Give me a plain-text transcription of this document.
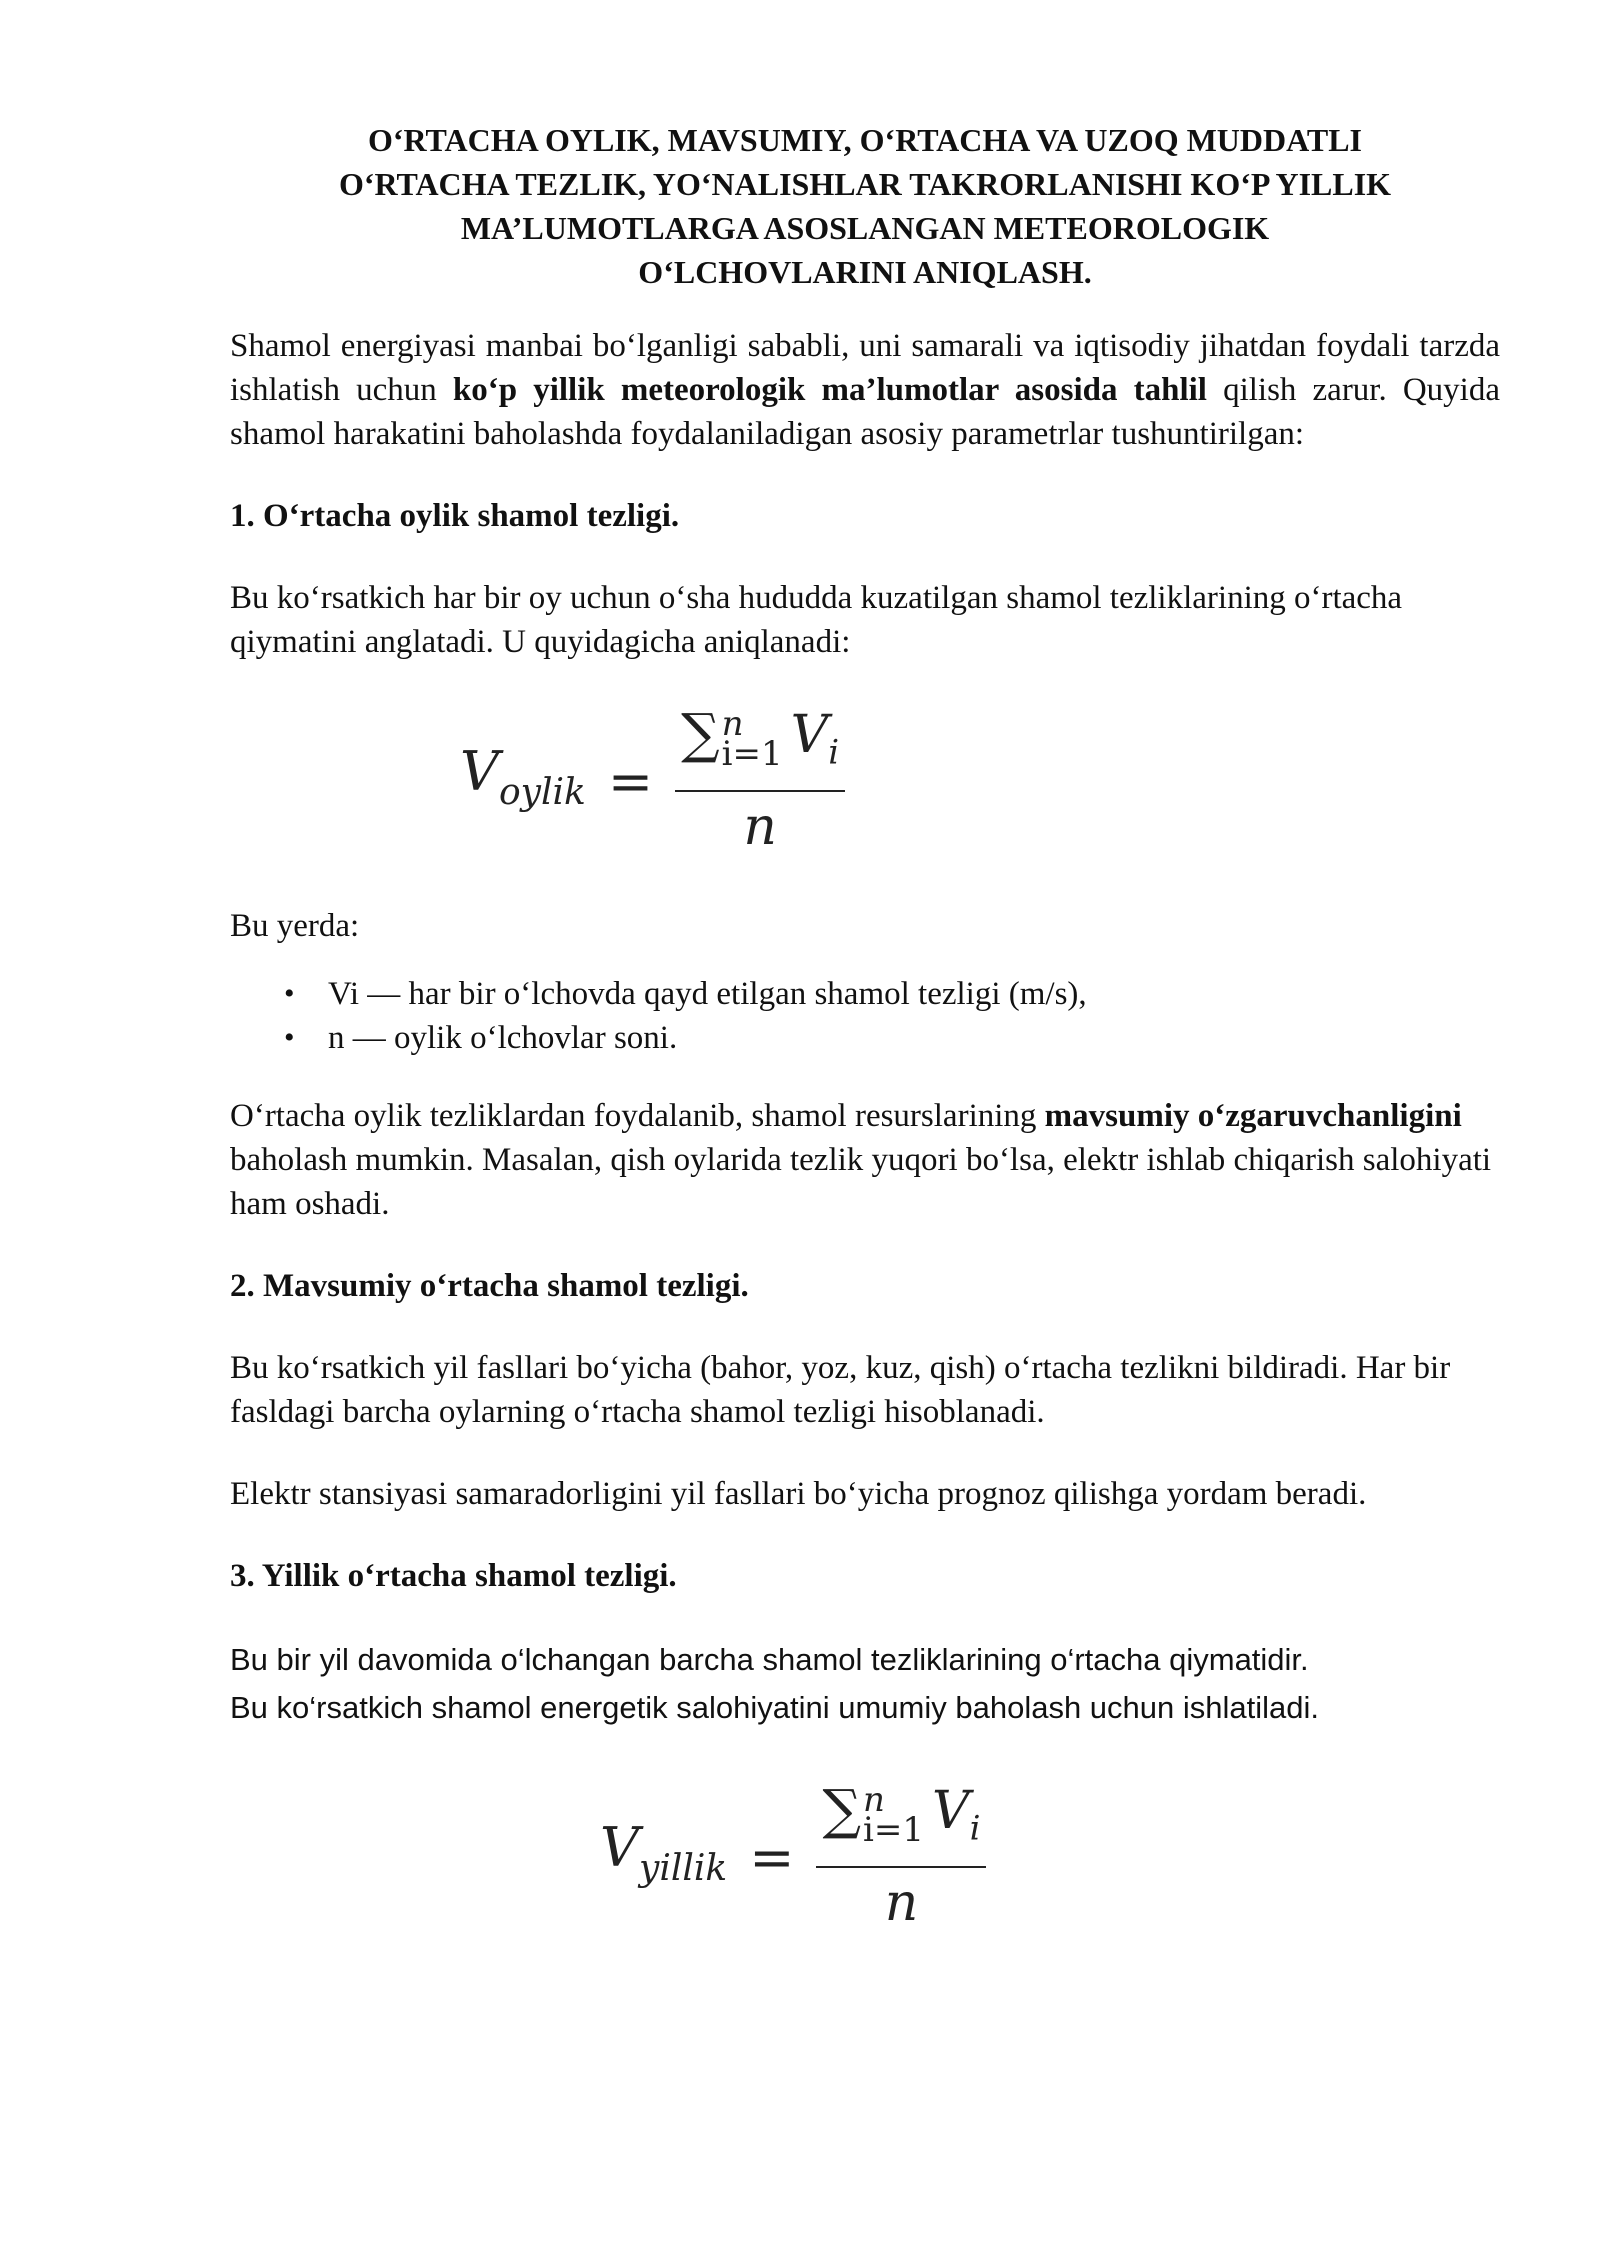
O‘RTACHA OYLIK, MAVSUMIY, O‘RTACHA VA UZOQ MUDDATLI
O‘RTACHA TEZLIK, YO‘NALISHLAR TAKRORLANISHI KO‘P YILLIK
MA’LUMOTLARGA ASOSLANGAN METEOROLOGIK
O‘LCHOVLARINI ANIQLASH.

Shamol energiyasi manbai bo‘lganligi sababli, uni samarali va iqtisodiy jihatdan foydali tarzda ishlatish uchun ko‘p yillik meteorologik ma’lumotlar asosida tahlil qilish zarur. Quyida shamol harakatini baholashda foydalaniladigan asosiy parametrlar tushuntirilgan:

1. O‘rtacha oylik shamol tezligi.

Bu ko‘rsatkich har bir oy uchun o‘sha hududda kuzatilgan shamol tezliklarining o‘rtacha qiymatini anglatadi. U quyidagicha aniqlanadi:

$V_{oylik}$ =
∑n
i=1 $V_i$
n

Bu yerda:

• Vi — har bir o‘lchovda qayd etilgan shamol tezligi (m/s),
• n — oylik o‘lchovlar soni.

O‘rtacha oylik tezliklardan foydalanib, shamol resurslarining mavsumiy o‘zgaruvchanligini baholash mumkin. Masalan, qish oylarida tezlik yuqori bo‘lsa, elektr ishlab chiqarish salohiyati ham oshadi.

2. Mavsumiy o‘rtacha shamol tezligi.

Bu ko‘rsatkich yil fasllari bo‘yicha (bahor, yoz, kuz, qish) o‘rtacha tezlikni bildiradi. Har bir fasldagi barcha oylarning o‘rtacha shamol tezligi hisoblanadi.

Elektr stansiyasi samaradorligini yil fasllari bo‘yicha prognoz qilishga yordam beradi.

3. Yillik o‘rtacha shamol tezligi.

Bu bir yil davomida o‘lchangan barcha shamol tezliklarining o‘rtacha qiymatidir.

Bu ko‘rsatkich shamol energetik salohiyatini umumiy baholash uchun ishlatiladi.

$V_{yillik}$ =
∑n
i=1 $V_i$
n
